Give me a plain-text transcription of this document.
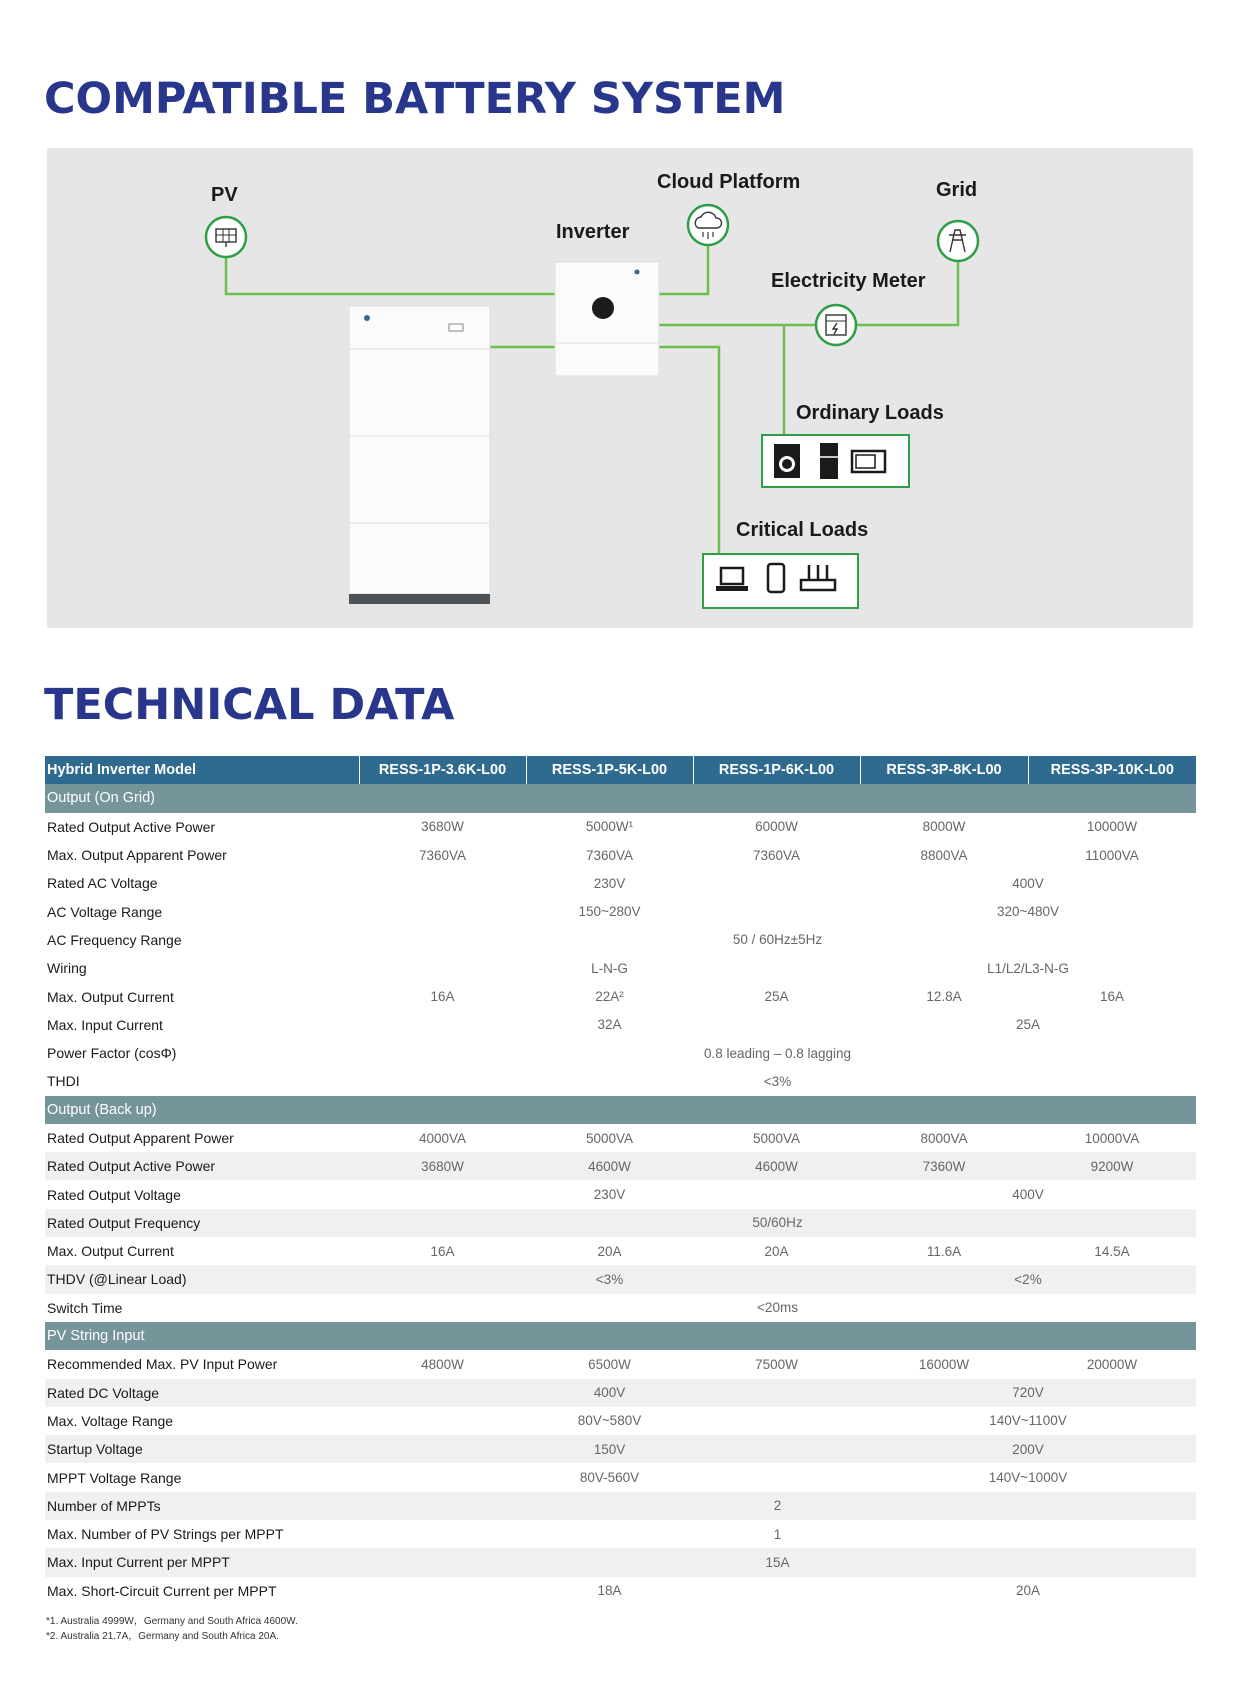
COMPATIBLE BATTERY SYSTEM
PV
Inverter
Cloud Platform	Grid
Electricity Meter
Ordinary Loads
Critical Loads
TECHNICAL DATA
Hybrid Inverter Model	RESS-1P-3.6K-L00	RESS-1P-5K-L00	RESS-1P-6K-L00	RESS-3P-8K-L00	RESS-3P-10K-L00
Output (On Grid)					
Rated Output Active Power	3680W	5000W¹	6000W	8000W	10000W
Max. Output Apparent Power	7360VA	7360VA	7360VA	8800VA	11000VA
Rated AC Voltage	230V			400V	
AC Voltage Range	150~280V			320~480V	
AC Frequency Range	50 / 60Hz±5Hz				
Wiring	L-N-G			L1/L2/L3-N-G	
Max. Output Current	16A	22A²	25A	12.8A	16A
Max. Input Current	32A			25A	
Power Factor (cosΦ)	0.8 leading – 0.8 lagging				
THDI	<3%				
Output (Back up)					
Rated Output Apparent Power	4000VA	5000VA	5000VA	8000VA	10000VA
Rated Output Active Power	3680W	4600W	4600W	7360W	9200W
Rated Output Voltage	230V			400V	
Rated Output Frequency	50/60Hz				
Max. Output Current	16A	20A	20A	11.6A	14.5A
THDV (@Linear Load)	<3%			<2%	
Switch Time	<20ms				
PV String Input					
Recommended Max. PV Input Power	4800W	6500W	7500W	16000W	20000W
Rated DC Voltage	400V			720V	
Max. Voltage Range	80V~580V			140V~1100V	
Startup Voltage	150V			200V	
MPPT Voltage Range	80V-560V			140V~1000V	
Number of MPPTs	2				
Max. Number of PV Strings per MPPT	1				
Max. Input Current per MPPT	15A				
Max. Short-Circuit Current per MPPT	18A			20A	
*1. Australia 4999W，Germany and South Africa 4600W.
*2. Australia 21.7A，Germany and South Africa 20A.
